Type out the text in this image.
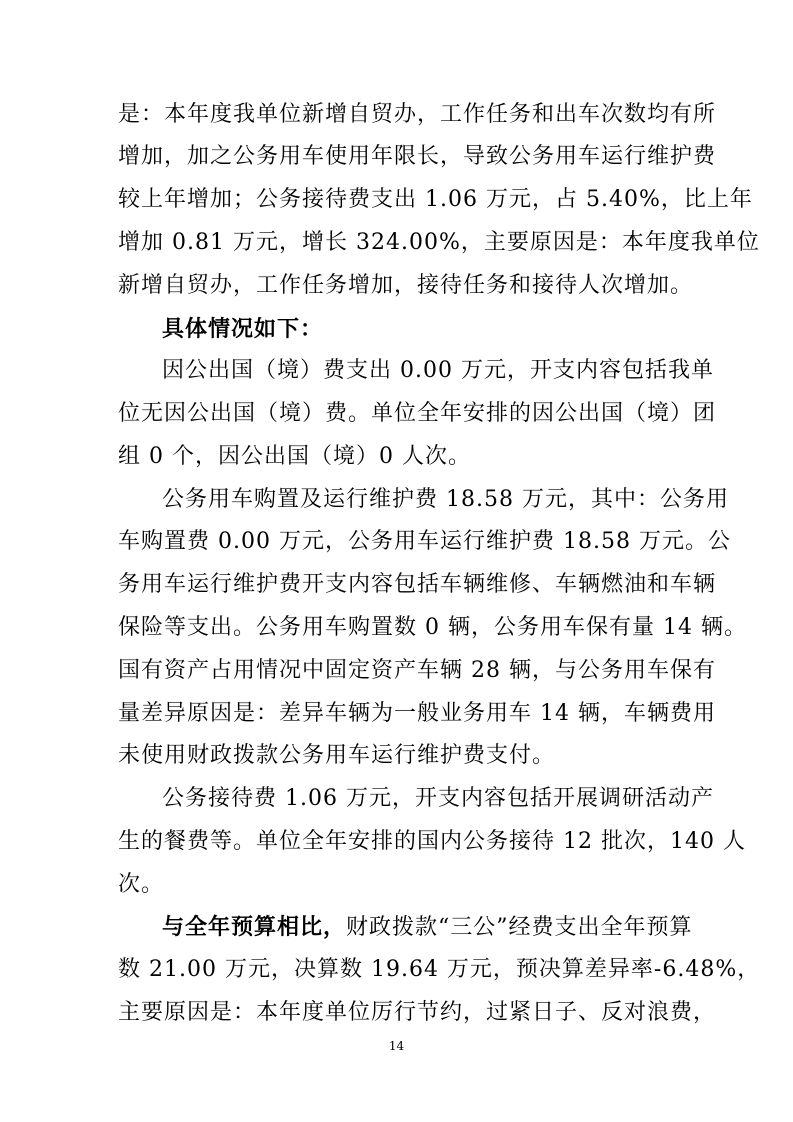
是：本年度我单位新增自贸办，工作任务和出车次数均有所
增加，加之公务用车使用年限长，导致公务用车运行维护费
较上年增加；公务接待费支出 1.06 万元，占 5.40%，比上年
增加 0.81 万元，增长 324.00%，主要原因是：本年度我单位
新增自贸办，工作任务增加，接待任务和接待人次增加。
具体情况如下：
因公出国（境）费支出 0.00 万元，开支内容包括我单
位无因公出国（境）费。单位全年安排的因公出国（境）团
组 0 个，因公出国（境）0 人次。
公务用车购置及运行维护费 18.58 万元，其中：公务用
车购置费 0.00 万元，公务用车运行维护费 18.58 万元。公
务用车运行维护费开支内容包括车辆维修、车辆燃油和车辆
保险等支出。公务用车购置数 0 辆，公务用车保有量 14 辆。
国有资产占用情况中固定资产车辆 28 辆，与公务用车保有
量差异原因是：差异车辆为一般业务用车 14 辆，车辆费用
未使用财政拨款公务用车运行维护费支付。
公务接待费 1.06 万元，开支内容包括开展调研活动产
生的餐费等。单位全年安排的国内公务接待 12 批次，140 人
次。
与全年预算相比，财政拨款“三公”经费支出全年预算
数 21.00 万元，决算数 19.64 万元，预决算差异率-6.48%，
主要原因是：本年度单位厉行节约，过紧日子、反对浪费，
14
